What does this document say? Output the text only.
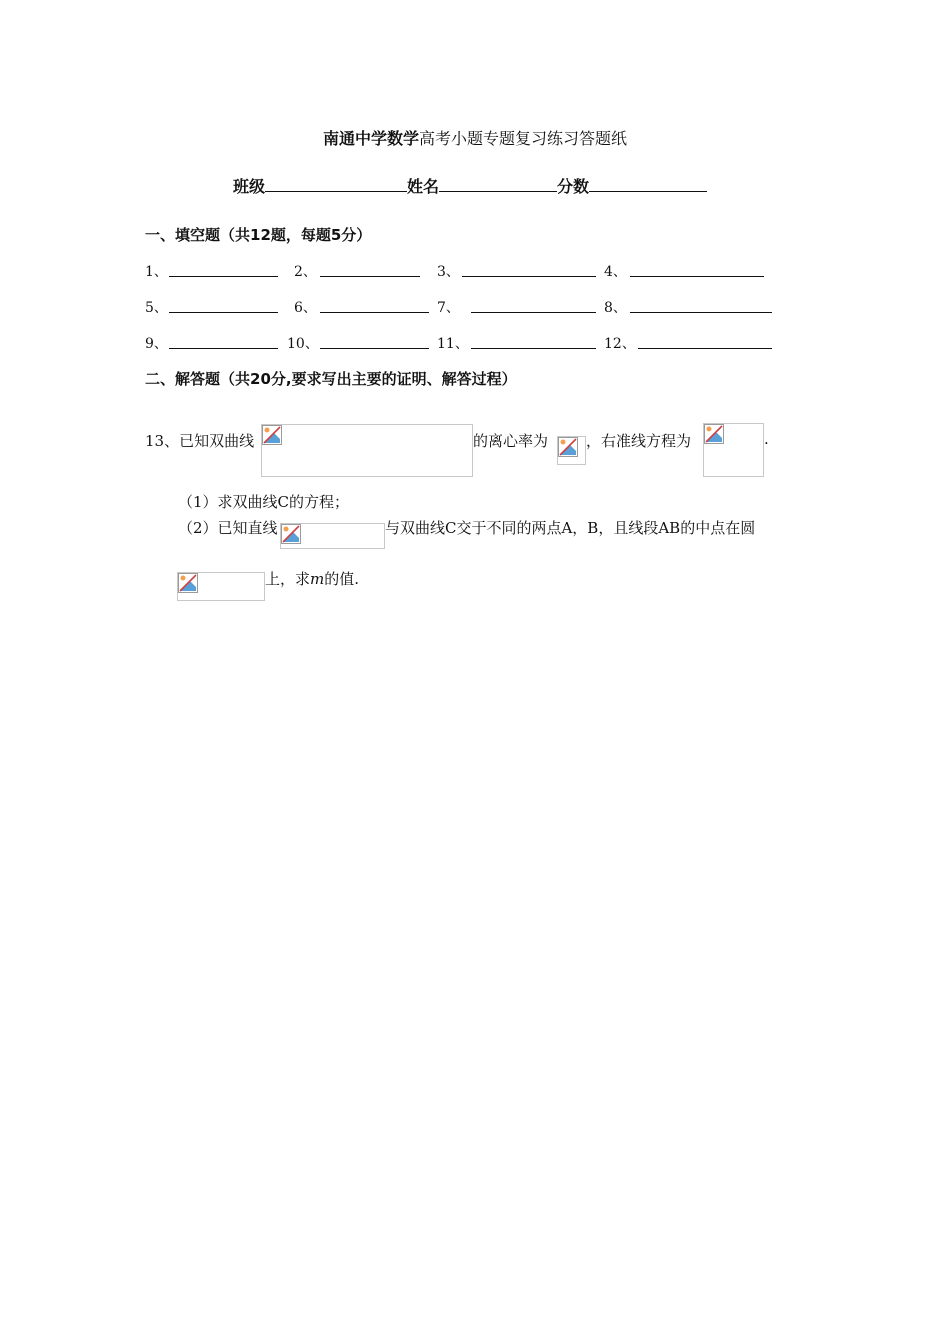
南通中学数学高考小题专题复习练习答题纸
班级	姓名	分数
一、填空题（共12题，每题5分）
1、	2、	3、	4、
5、	6、	7、	8、
9、	10、	11、	12、
二、解答题（共20分,要求写出主要的证明、解答过程）
13、已知双曲线	的离心率为	，右准线方程为	.
（1）求双曲线C的方程；
（2）已知直线	与双曲线C交于不同的两点A，B，且线段AB的中点在圆
上，求m的值.
